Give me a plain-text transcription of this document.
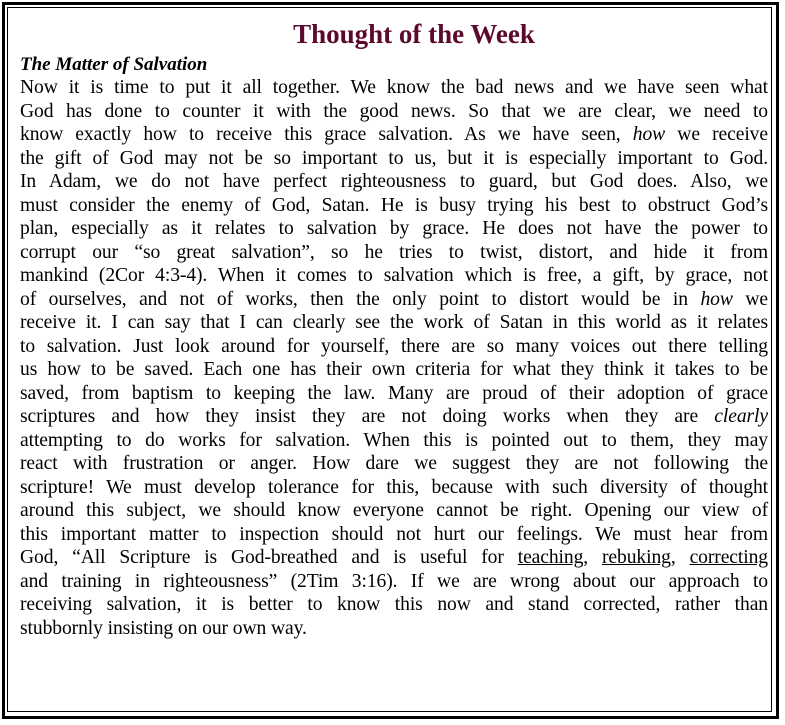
Thought of the Week
The Matter of Salvation
Now it is time to put it all together. We know the bad news and we have seen what
God has done to counter it with the good news. So that we are clear, we need to
know exactly how to receive this grace salvation. As we have seen, how we receive
the gift of God may not be so important to us, but it is especially important to God.
In Adam, we do not have perfect righteousness to guard, but God does. Also, we
must consider the enemy of God, Satan. He is busy trying his best to obstruct God’s
plan, especially as it relates to salvation by grace. He does not have the power to
corrupt our “so great salvation”, so he tries to twist, distort, and hide it from
mankind (2Cor 4:3-4). When it comes to salvation which is free, a gift, by grace, not
of ourselves, and not of works, then the only point to distort would be in how we
receive it. I can say that I can clearly see the work of Satan in this world as it relates
to salvation. Just look around for yourself, there are so many voices out there telling
us how to be saved. Each one has their own criteria for what they think it takes to be
saved, from baptism to keeping the law. Many are proud of their adoption of grace
scriptures and how they insist they are not doing works when they are clearly
attempting to do works for salvation. When this is pointed out to them, they may
react with frustration or anger. How dare we suggest they are not following the
scripture! We must develop tolerance for this, because with such diversity of thought
around this subject, we should know everyone cannot be right. Opening our view of
this important matter to inspection should not hurt our feelings. We must hear from
God, “All Scripture is God-breathed and is useful for teaching, rebuking, correcting
and training in righteousness” (2Tim 3:16). If we are wrong about our approach to
receiving salvation, it is better to know this now and stand corrected, rather than
stubbornly insisting on our own way.
